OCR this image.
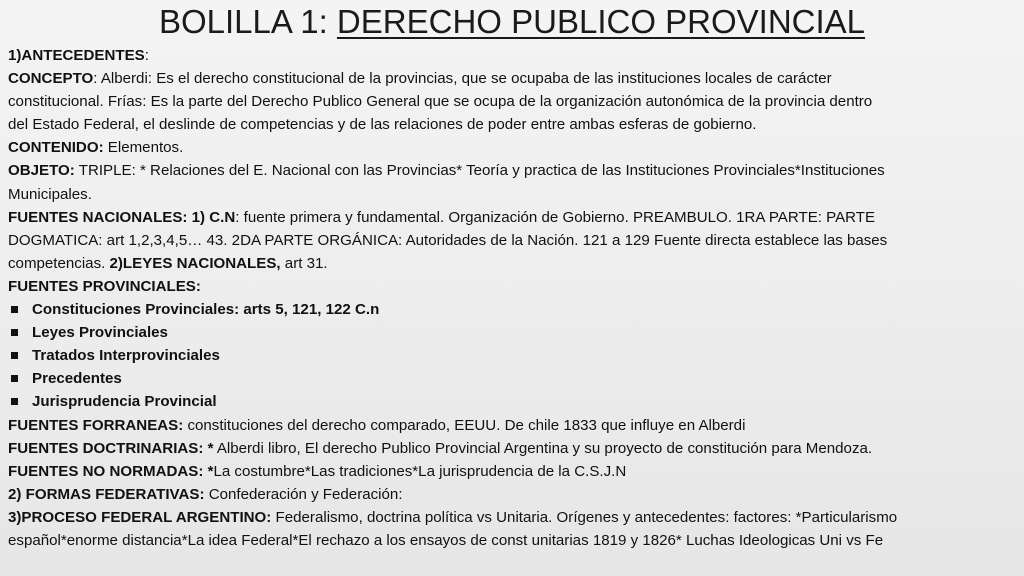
BOLILLA 1: DERECHO PUBLICO PROVINCIAL

1)ANTECEDENTES:

CONCEPTO: Alberdi: Es el derecho constitucional de la provincias, que se ocupaba de las instituciones locales de carácter

constitucional. Frías: Es la parte del Derecho Publico General que se ocupa de la organización autonómica de la provincia dentro

del Estado Federal, el deslinde de competencias y de las relaciones de poder entre ambas esferas de gobierno.

CONTENIDO: Elementos.

OBJETO: TRIPLE: * Relaciones del E. Nacional con las Provincias* Teoría y practica de las Instituciones Provinciales*Instituciones

Municipales.

FUENTES NACIONALES: 1) C.N: fuente primera y fundamental. Organización de Gobierno. PREAMBULO. 1RA PARTE: PARTE

DOGMATICA: art 1,2,3,4,5… 43. 2DA PARTE ORGÁNICA: Autoridades de la Nación. 121 a 129 Fuente directa establece las bases

competencias. 2)LEYES NACIONALES, art 31.

FUENTES PROVINCIALES:

Constituciones Provinciales: arts 5, 121, 122 C.n
Leyes Provinciales
Tratados Interprovinciales
Precedentes
Jurisprudencia Provincial

FUENTES FORRANEAS: constituciones del derecho comparado, EEUU. De chile 1833 que influye en Alberdi

FUENTES DOCTRINARIAS: * Alberdi libro, El derecho Publico Provincial Argentina y su proyecto de constitución para Mendoza.

FUENTES NO NORMADAS: *La costumbre*Las tradiciones*La jurisprudencia de la C.S.J.N

2) FORMAS FEDERATIVAS: Confederación y Federación:

3)PROCESO FEDERAL ARGENTINO: Federalismo, doctrina política vs Unitaria. Orígenes y antecedentes: factores: *Particularismo

español*enorme distancia*La idea Federal*El rechazo a los ensayos de const unitarias 1819 y 1826* Luchas Ideologicas Uni vs Fe
